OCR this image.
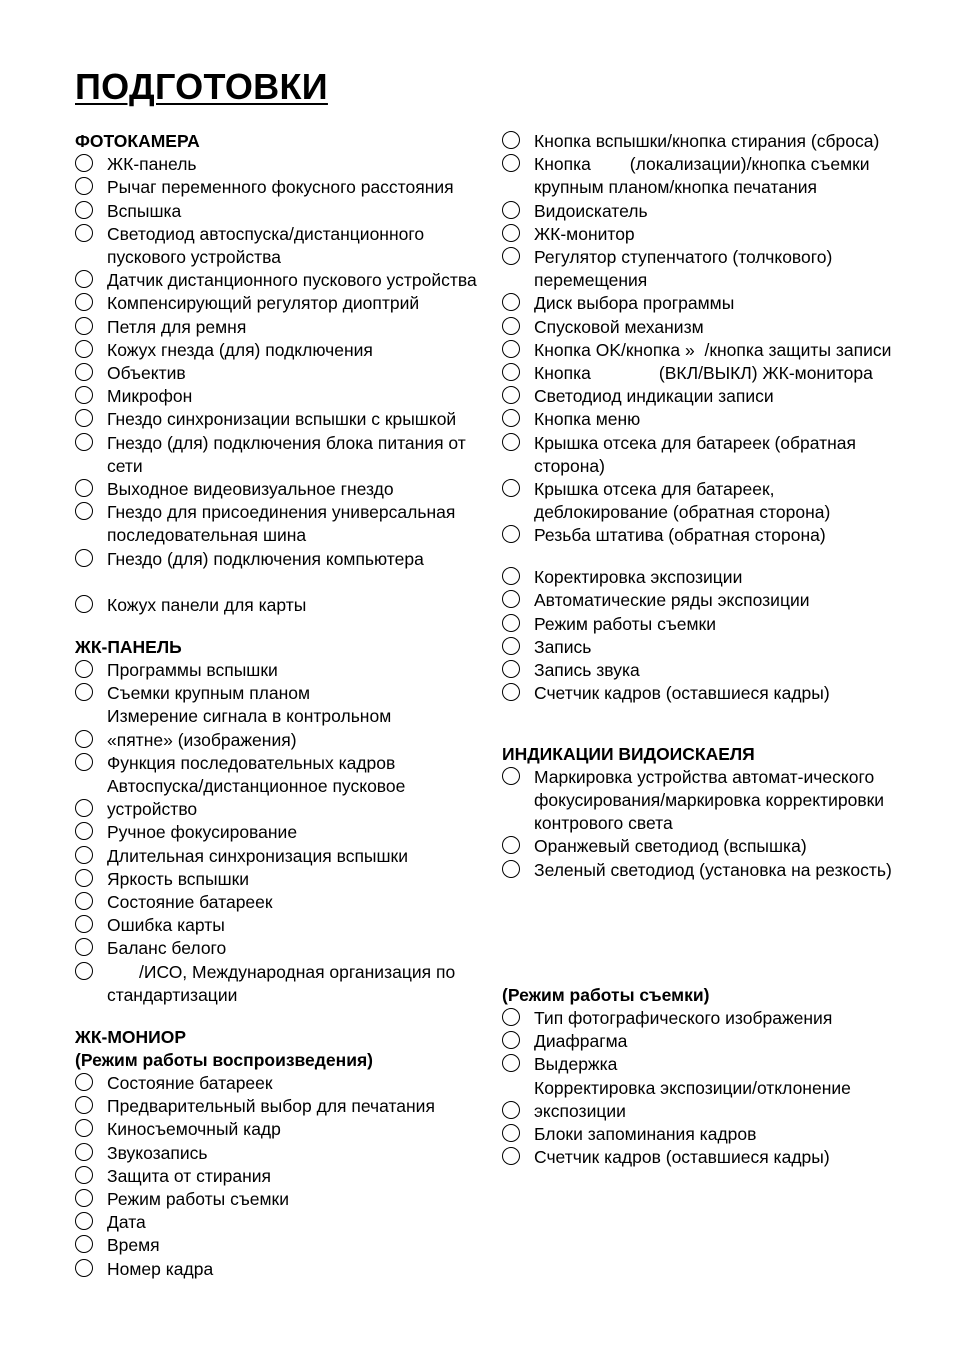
ПОДГОТОВКИ
ФОТОКАМЕРА
ЖК-панель
Рычаг переменного фокусного расстояния
Вспышка
Светодиод автоспуска/дистанционного пускового устройства
Датчик дистанционного пускового устройства
Компенсирующий регулятор диоптрий
Петля для ремня
Кожух гнезда (для) подключения
Объектив
Микрофон
Гнездо синхронизации вспышки с крышкой
Гнездо (для) подключения блока питания от сети
Выходное видеовизуальное гнездо
Гнездо для присоединения универсальная последовательная шина
Гнездо (для) подключения компьютера
Кожух панели для карты
ЖК-ПАНЕЛЬ
Программы вспышки
Съемки крупным планом
Измерение сигнала в контрольном
«пятне» (изображения)
Функция последовательных кадров
Автоспуска/дистанционное пусковое
устройство
Ручное фокусирование
Длительная синхронизация вспышки
Яркость вспышки
Состояние батареек
Ошибка карты
Баланс белого
/ИСО, Международная организация по стандартизации
ЖК-МОНИОР
(Режим работы воспроизведения)
Состояние батареек
Предварительный выбор для печатания
Киносъемочный кадр
Звукозапись
Защита от стирания
Режим работы съемки
Дата
Время
Номер кадра
Кнопка вспышки/кнопка стирания (сброса)
Кнопка        (локализации)/кнопка съемки крупным планом/кнопка печатания
Видоискатель
ЖК-монитор
Регулятор ступенчатого (толчкового) перемещения
Диск выбора программы
Спусковой механизм
Кнопка OK/кнопка »  /кнопка защиты записи
Кнопка              (ВКЛ/ВЫКЛ) ЖК-монитора
Светодиод индикации записи
Кнопка меню
Крышка отсека для батареек (обратная сторона)
Крышка отсека для батареек, деблокирование (обратная сторона)
Резьба штатива (обратная сторона)
Коректировка экспозиции
Автоматические ряды экспозиции
Режим работы съемки
Запись
Запись звука
Счетчик кадров (оставшиеся кадры)
ИНДИКАЦИИ ВИДОИСКАЕЛЯ
Маркировка устройства автомат-ического фокусирования/маркировка корректировки контрового света
Оранжевый светодиод (вспышка)
Зеленый светодиод (установка на резкость)
(Режим работы съемки)
Тип фотографического изображения
Диафрагма
Выдержка
Корректировка экспозиции/отклонение
экспозиции
Блоки запоминания кадров
Счетчик кадров (оставшиеся кадры)
